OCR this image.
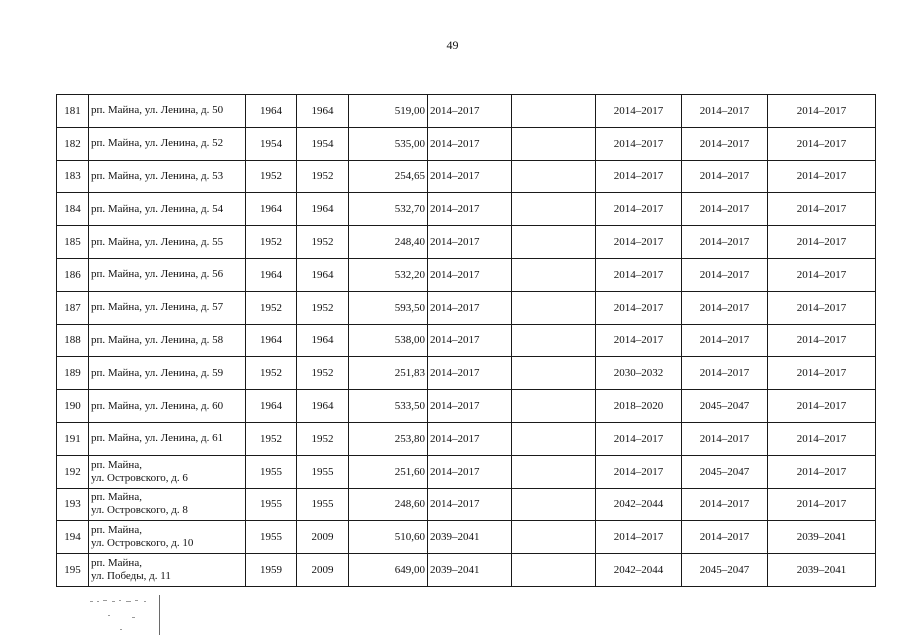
49
181	рп. Майна, ул. Ленина, д. 50	1964	1964	519,00	2014–2017		2014–2017	2014–2017	2014–2017
182	рп. Майна, ул. Ленина, д. 52	1954	1954	535,00	2014–2017		2014–2017	2014–2017	2014–2017
183	рп. Майна, ул. Ленина, д. 53	1952	1952	254,65	2014–2017		2014–2017	2014–2017	2014–2017
184	рп. Майна, ул. Ленина, д. 54	1964	1964	532,70	2014–2017		2014–2017	2014–2017	2014–2017
185	рп. Майна, ул. Ленина, д. 55	1952	1952	248,40	2014–2017		2014–2017	2014–2017	2014–2017
186	рп. Майна, ул. Ленина, д. 56	1964	1964	532,20	2014–2017		2014–2017	2014–2017	2014–2017
187	рп. Майна, ул. Ленина, д. 57	1952	1952	593,50	2014–2017		2014–2017	2014–2017	2014–2017
188	рп. Майна, ул. Ленина, д. 58	1964	1964	538,00	2014–2017		2014–2017	2014–2017	2014–2017
189	рп. Майна, ул. Ленина, д. 59	1952	1952	251,83	2014–2017		2030–2032	2014–2017	2014–2017
190	рп. Майна, ул. Ленина, д. 60	1964	1964	533,50	2014–2017		2018–2020	2045–2047	2014–2017
191	рп. Майна, ул. Ленина, д. 61	1952	1952	253,80	2014–2017		2014–2017	2014–2017	2014–2017
192	рп. Майна,
ул. Островского, д. 6	1955	1955	251,60	2014–2017		2014–2017	2045–2047	2014–2017
193	рп. Майна,
ул. Островского, д. 8	1955	1955	248,60	2014–2017		2042–2044	2014–2017	2014–2017
194	рп. Майна,
ул. Островского, д. 10	1955	2009	510,60	2039–2041		2014–2017	2014–2017	2039–2041
195	рп. Майна,
ул. Победы, д. 11	1959	2009	649,00	2039–2041		2042–2044	2045–2047	2039–2041
